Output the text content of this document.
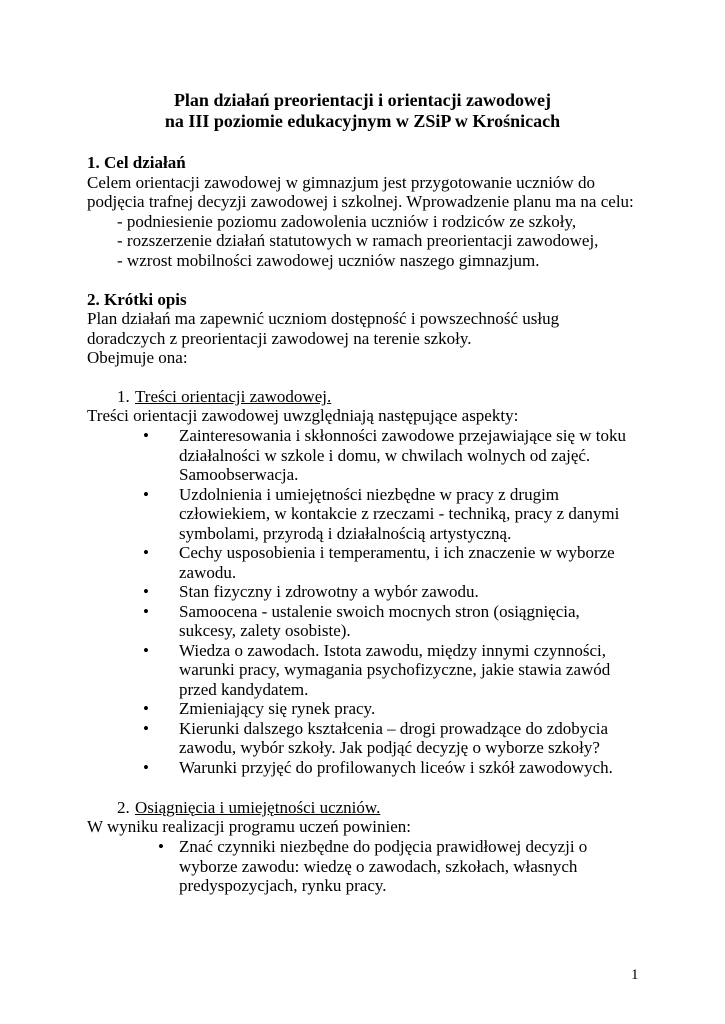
Plan działań preorientacji i orientacji zawodowej
na III poziomie edukacyjnym w ZSiP w Krośnicach
1. Cel działań
Celem orientacji zawodowej w gimnazjum jest przygotowanie uczniów do
podjęcia trafnej decyzji zawodowej i szkolnej. Wprowadzenie planu ma na celu:
- podniesienie poziomu zadowolenia uczniów i rodziców ze szkoły,
- rozszerzenie działań statutowych w ramach preorientacji zawodowej,
- wzrost mobilności zawodowej uczniów naszego gimnazjum.
2. Krótki opis
Plan działań ma zapewnić uczniom dostępność i powszechność usług
doradczych z preorientacji zawodowej na terenie szkoły.
Obejmuje ona:
1. Treści orientacji zawodowej.
Treści orientacji zawodowej uwzględniają następujące aspekty:
• Zainteresowania i skłonności zawodowe przejawiające się w toku
działalności w szkole i domu, w chwilach wolnych od zajęć.
Samoobserwacja.
• Uzdolnienia i umiejętności niezbędne w pracy z drugim
człowiekiem, w kontakcie z rzeczami - techniką, pracy z danymi
symbolami, przyrodą i działalnością artystyczną.
• Cechy usposobienia i temperamentu, i ich znaczenie w wyborze
zawodu.
• Stan fizyczny i zdrowotny a wybór zawodu.
• Samoocena - ustalenie swoich mocnych stron (osiągnięcia,
sukcesy, zalety osobiste).
• Wiedza o zawodach. Istota zawodu, między innymi czynności,
warunki pracy, wymagania psychofizyczne, jakie stawia zawód
przed kandydatem.
• Zmieniający się rynek pracy.
• Kierunki dalszego kształcenia – drogi prowadzące do zdobycia
zawodu, wybór szkoły. Jak podjąć decyzję o wyborze szkoły?
• Warunki przyjęć do profilowanych liceów i szkół zawodowych.
2. Osiągnięcia i umiejętności uczniów.
W wyniku realizacji programu uczeń powinien:
• Znać czynniki niezbędne do podjęcia prawidłowej decyzji o
wyborze zawodu: wiedzę o zawodach, szkołach, własnych
predyspozycjach, rynku pracy.
1
